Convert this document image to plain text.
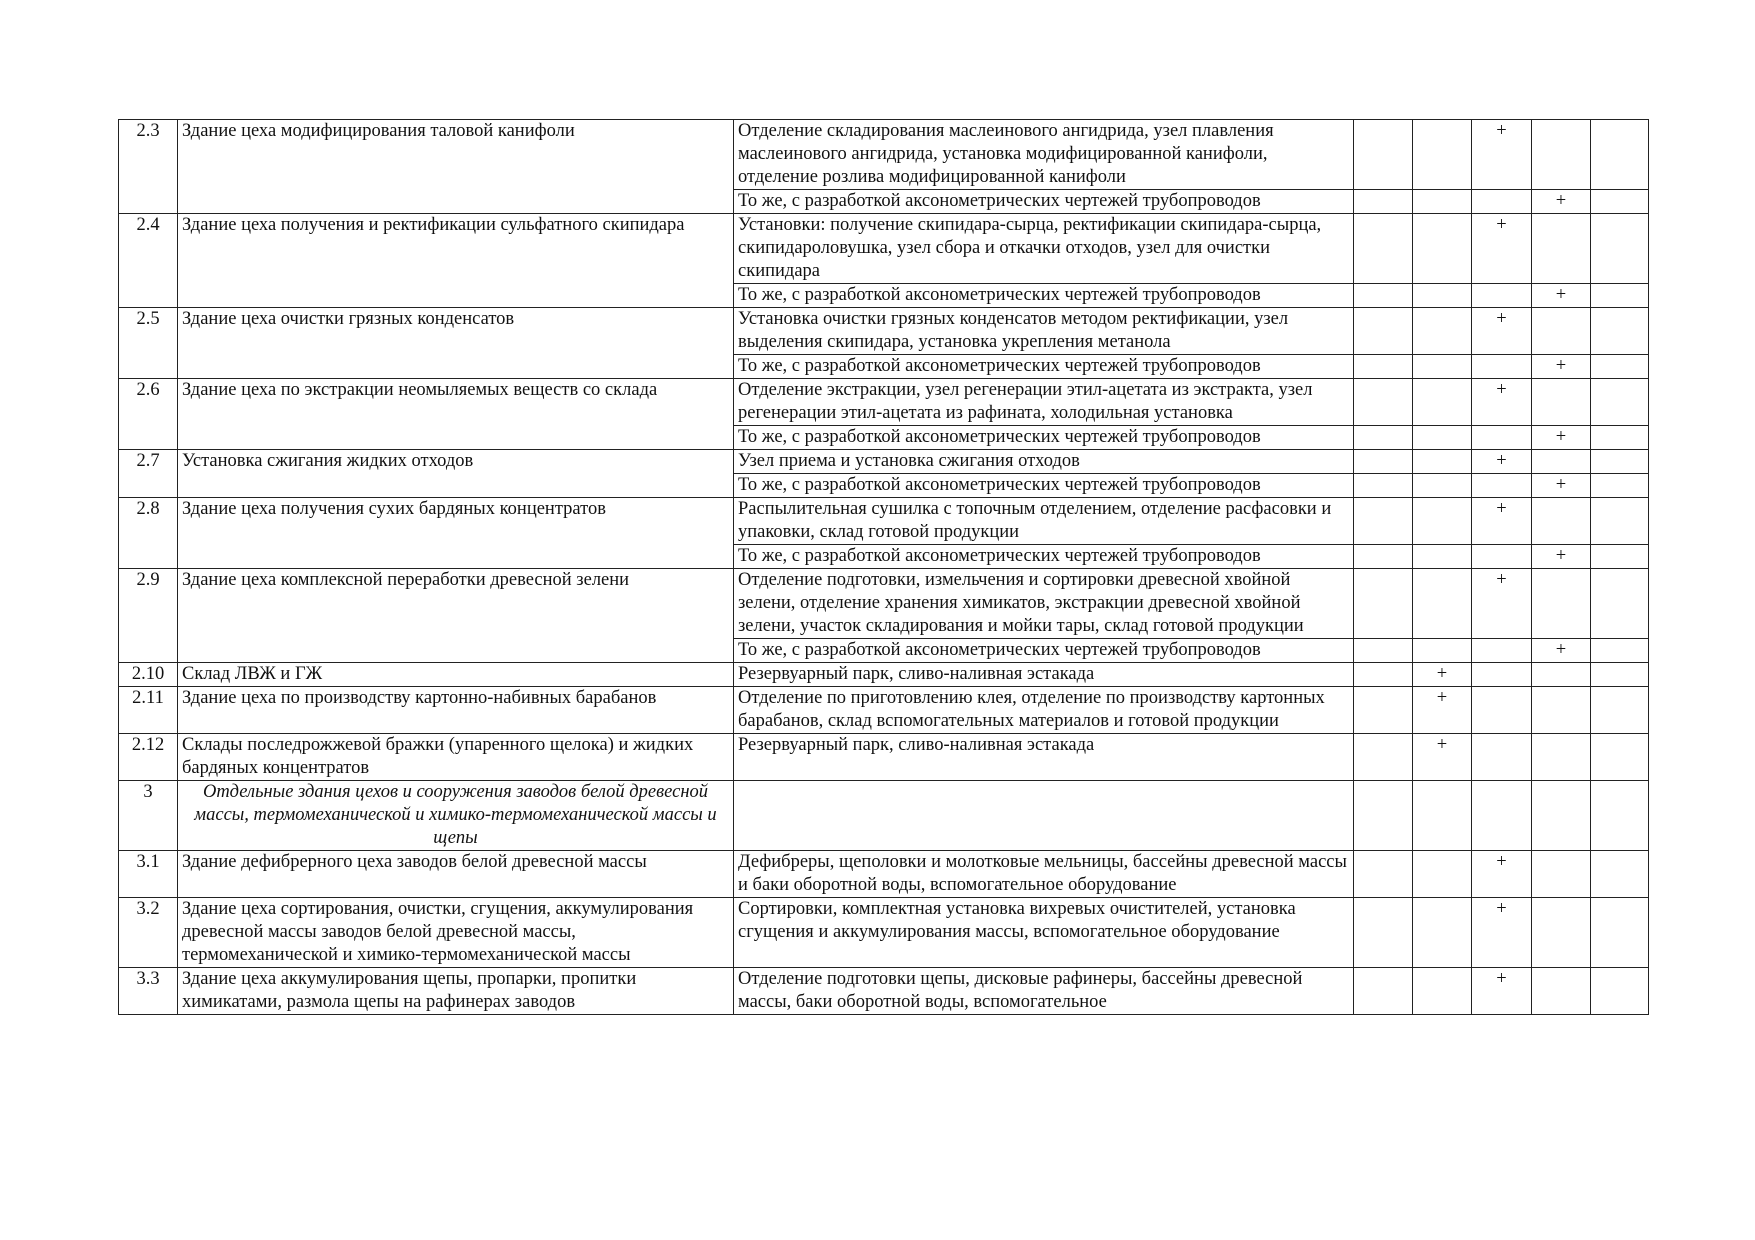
2.3	Здание цеха модифицирования таловой канифоли	Отделение складирования маслеинового ангидрида, узел плавления маслеинового ангидрида, установка модифицированной канифоли, отделение розлива модифицированной канифоли			+		
		То же, с разработкой аксонометрических чертежей трубопроводов				+	
2.4	Здание цеха получения и ректификации сульфатного скипидара	Установки: получение скипидара-сырца, ректификации скипидара-сырца, скипидароловушка, узел сбора и откачки отходов, узел для очистки скипидара			+		
		То же, с разработкой аксонометрических чертежей трубопроводов				+	
2.5	Здание цеха очистки грязных конденсатов	Установка очистки грязных конденсатов методом ректификации, узел выделения скипидара, установка укрепления метанола			+		
		То же, с разработкой аксонометрических чертежей трубопроводов				+	
2.6	Здание цеха по экстракции неомыляемых веществ со склада	Отделение экстракции, узел регенерации этил-ацетата из экстракта, узел регенерации этил-ацетата из рафината, холодильная установка			+		
		То же, с разработкой аксонометрических чертежей трубопроводов				+	
2.7	Установка сжигания жидких отходов	Узел приема и установка сжигания отходов			+		
		То же, с разработкой аксонометрических чертежей трубопроводов				+	
2.8	Здание цеха получения сухих бардяных концентратов	Распылительная сушилка с топочным отделением, отделение расфасовки и упаковки, склад готовой продукции			+		
		То же, с разработкой аксонометрических чертежей трубопроводов				+	
2.9	Здание цеха комплексной переработки древесной зелени	Отделение подготовки, измельчения и сортировки древесной хвойной зелени, отделение хранения химикатов, экстракции древесной хвойной зелени, участок складирования и мойки тары, склад готовой продукции			+		
		То же, с разработкой аксонометрических чертежей трубопроводов				+	
2.10	Склад ЛВЖ и ГЖ	Резервуарный парк, сливо-наливная эстакада		+			
2.11	Здание цеха по производству картонно-набивных барабанов	Отделение по приготовлению клея, отделение по производству картонных барабанов, склад вспомогательных материалов и готовой продукции		+			
2.12	Склады последрожжевой бражки (упаренного щелока) и жидких бардяных концентратов	Резервуарный парк, сливо-наливная эстакада		+			
3	Отдельные здания цехов и сооружения заводов белой древесной массы, термомеханической и химико-термомеханической массы и щепы						
3.1	Здание дефибрерного цеха заводов белой древесной массы	Дефибреры, щеполовки и молотковые мельницы, бассейны древесной массы и баки оборотной воды, вспомогательное оборудование			+		
3.2	Здание цеха сортирования, очистки, сгущения, аккумулирования древесной массы заводов белой древесной массы, термомеханической и химико-термомеханической массы	Сортировки, комплектная установка вихревых очистителей, установка сгущения и аккумулирования массы, вспомогательное оборудование			+		
3.3	Здание цеха аккумулирования щепы, пропарки, пропитки химикатами, размола щепы на рафинерах заводов	Отделение подготовки щепы, дисковые рафинеры, бассейны древесной массы, баки оборотной воды, вспомогательное			+		
